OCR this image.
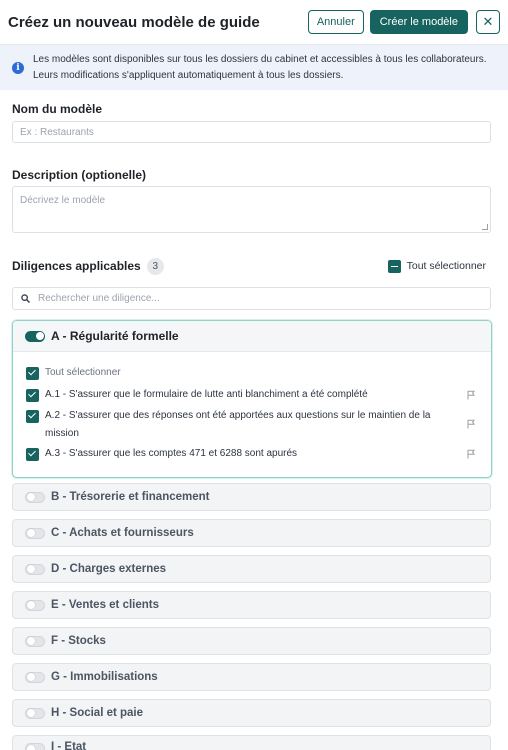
Créez un nouveau modèle de guide	Annuler	Créer le modèle	✕
i
Les modèles sont disponibles sur tous les dossiers du cabinet et accessibles à tous les collaborateurs. Leurs modifications s'appliquent automatiquement à tous les dossiers.
Nom du modèle
Ex : Restaurants
Description (optionelle)
Décrivez le modèle
Diligences applicables	3	Tout sélectionner
Rechercher une diligence...
A - Régularité formelle
Tout sélectionner
A.1 - S'assurer que le formulaire de lutte anti blanchiment a été complété
A.2 - S'assurer que des réponses ont été apportées aux questions sur le maintien de la mission
A.3 - S'assurer que les comptes 471 et 6288 sont apurés
B - Trésorerie et financement
C - Achats et fournisseurs
D - Charges externes
E - Ventes et clients
F - Stocks
G - Immobilisations
H - Social et paie
I - Etat
